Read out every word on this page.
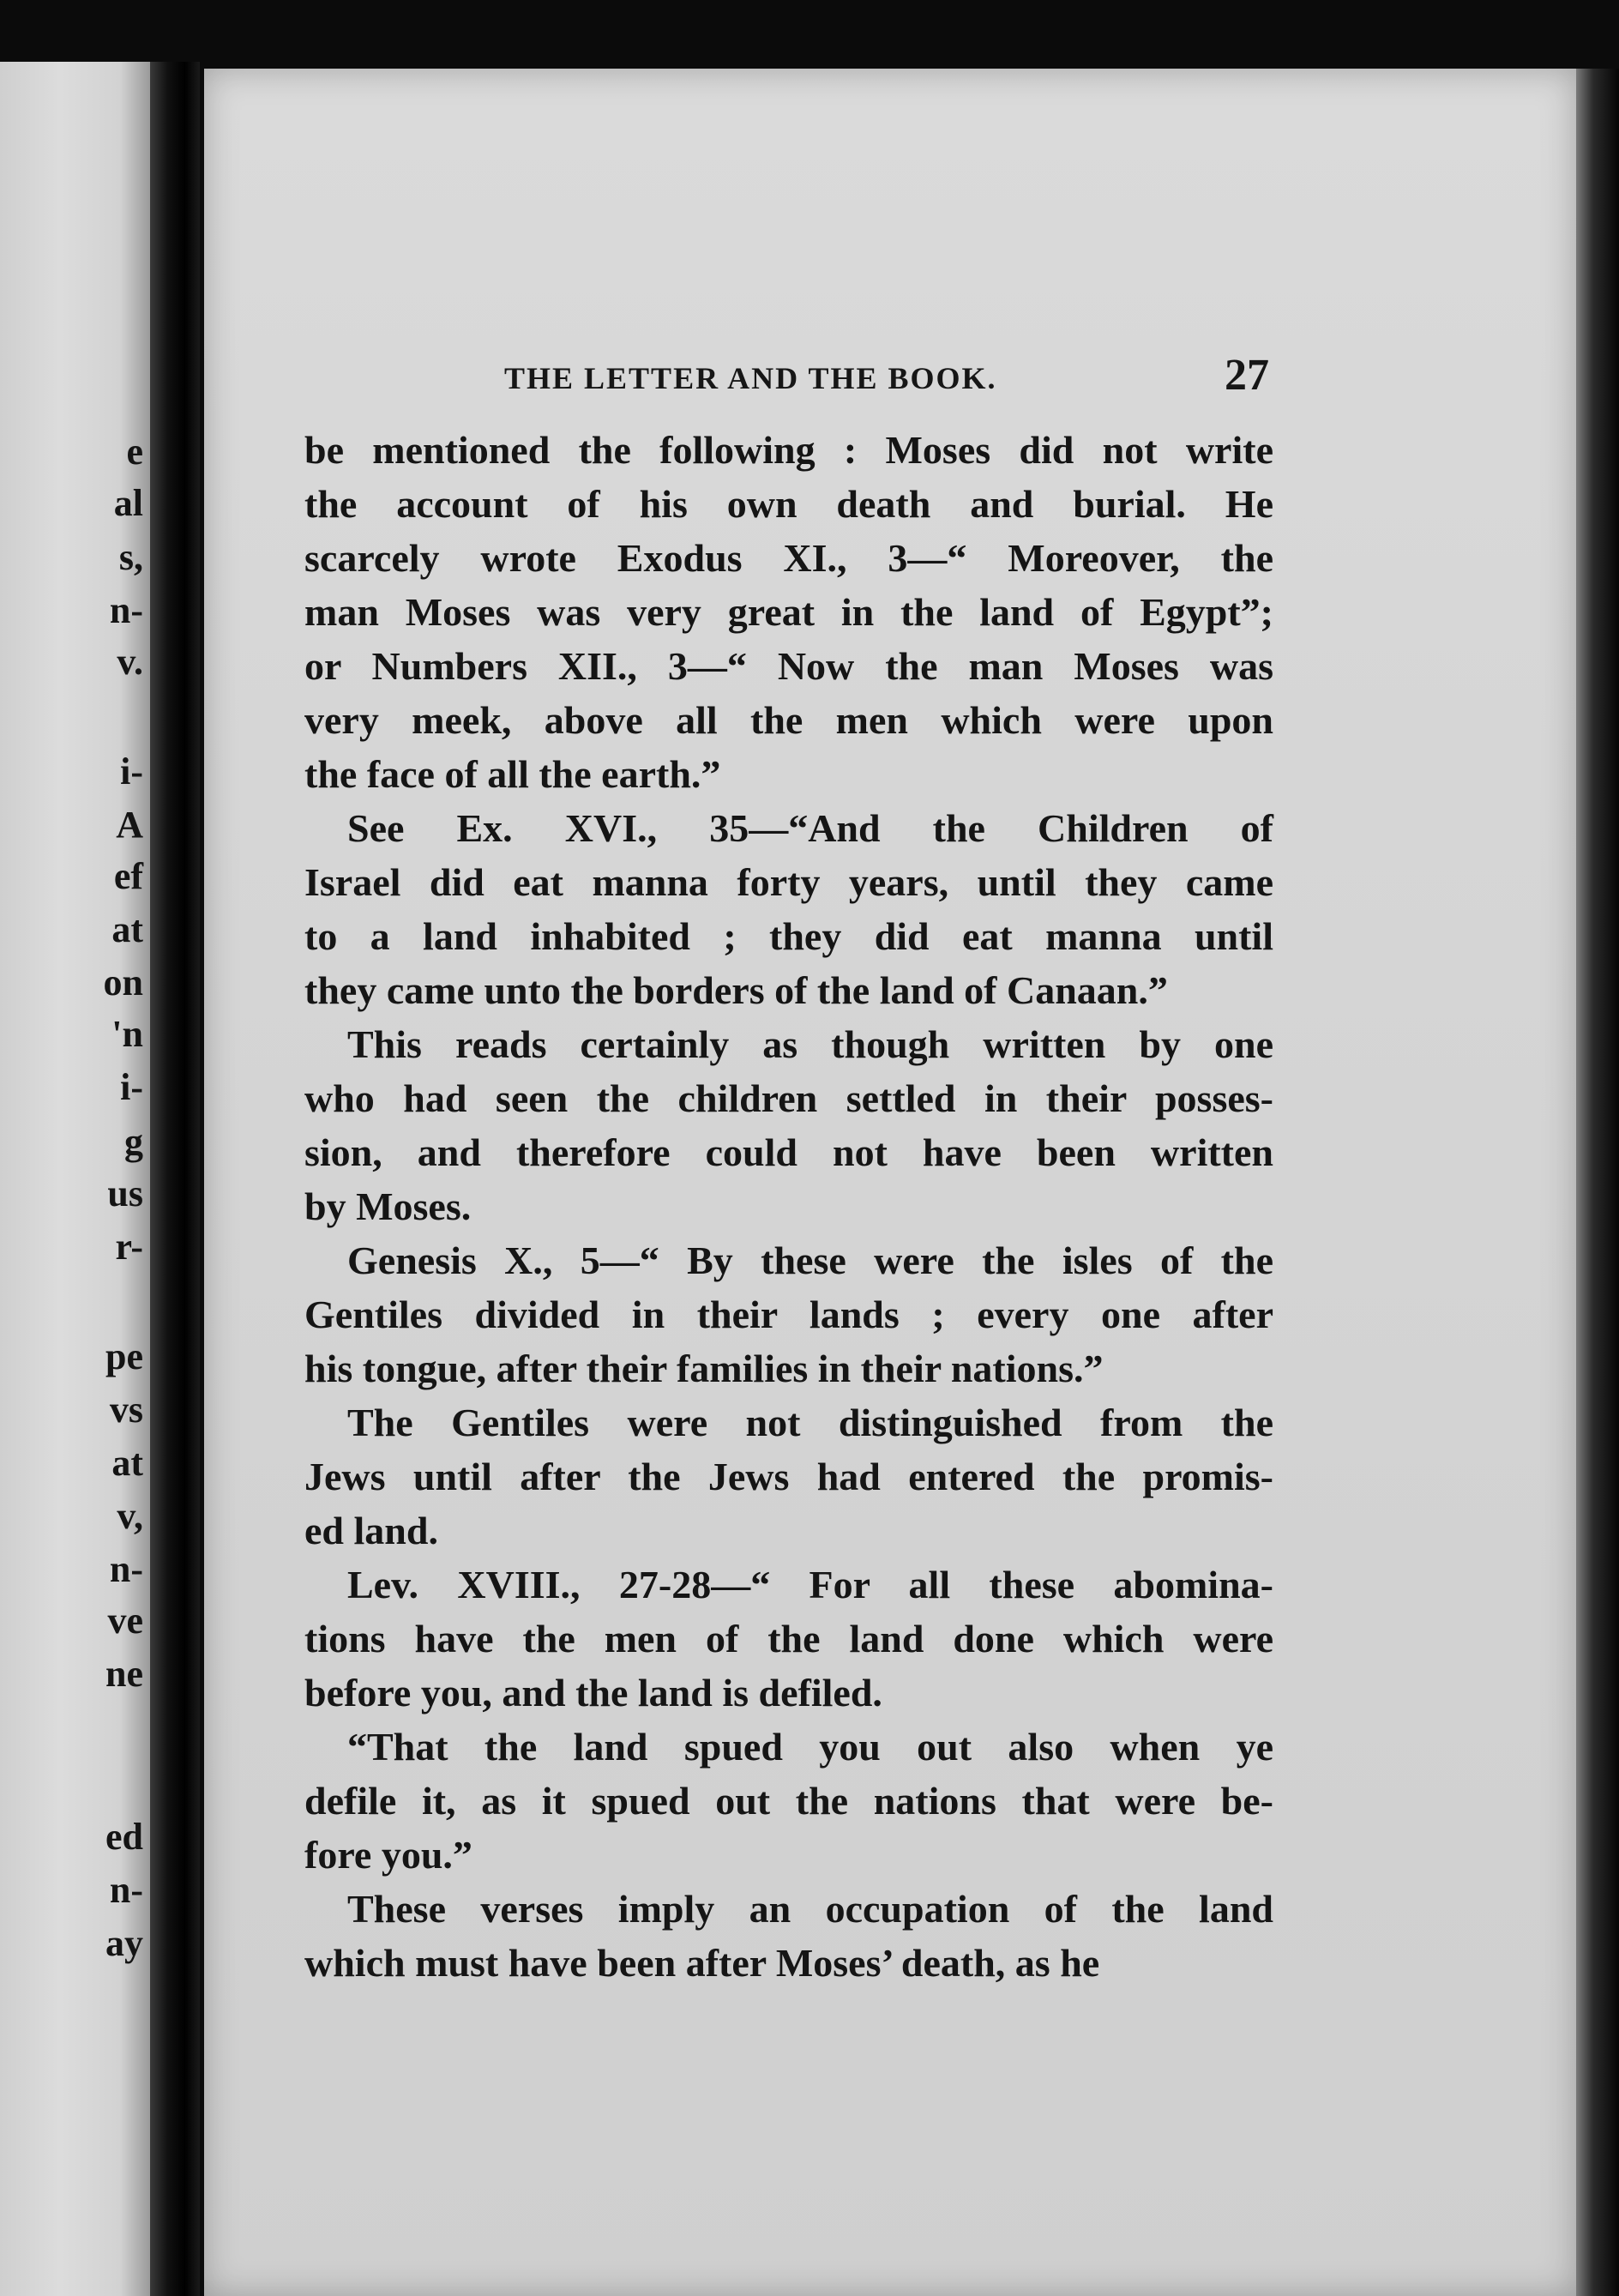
e

al

s,

n-

v.

i-

A

ef

at

on

'n

i-

g

us

r-

pe

vs

at

v,

n-

ve

ne

ed

n-

ay

THE LETTER AND THE BOOK.	27

be mentioned the following : Moses did not write

the account of his own death and burial. He

scarcely wrote Exodus XI., 3—“ Moreover, the

man Moses was very great in the land of Egypt”;

or Numbers XII., 3—“ Now the man Moses was

very meek, above all the men which were upon

the face of all the earth.”

See Ex. XVI., 35—“And the Children of

Israel did eat manna forty years, until they came

to a land inhabited ; they did eat manna until

they came unto the borders of the land of Canaan.”

This reads certainly as though written by one

who had seen the children settled in their posses-

sion, and therefore could not have been written

by Moses.

Genesis X., 5—“ By these were the isles of the

Gentiles divided in their lands ; every one after

his tongue, after their families in their nations.”

The Gentiles were not distinguished from the

Jews until after the Jews had entered the promis-

ed land.

Lev. XVIII., 27-28—“ For all these abomina-

tions have the men of the land done which were

before you, and the land is defiled.

“That the land spued you out also when ye

defile it, as it spued out the nations that were be-

fore you.”

These verses imply an occupation of the land

which must have been after Moses’ death, as he
